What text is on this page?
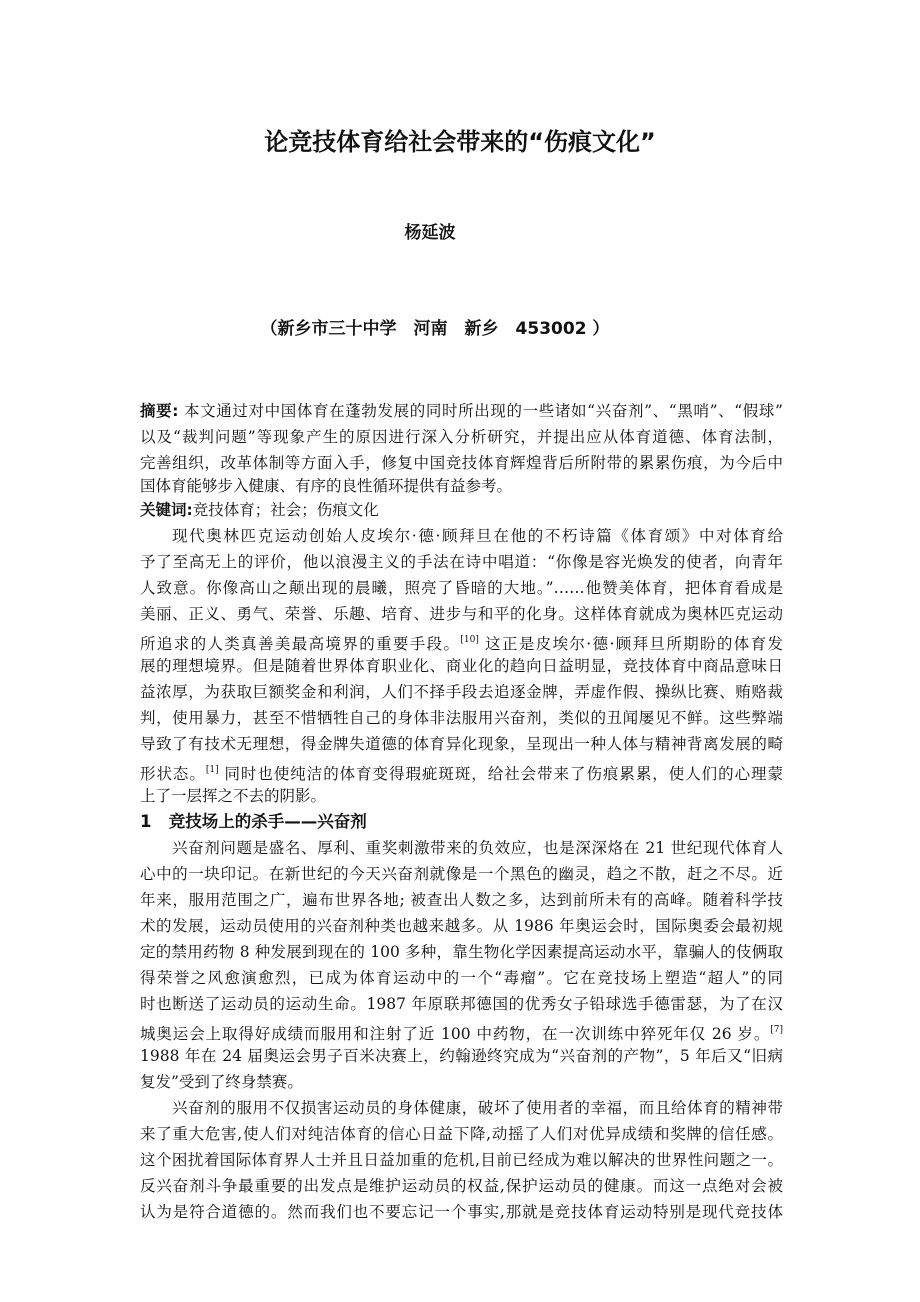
论竞技体育给社会带来的“伤痕文化”
杨延波
（新乡市三十中学　河南　新乡　453002 ）
摘要: 本文通过对中国体育在蓬勃发展的同时所出现的一些诸如“兴奋剂”、“黑哨”、“假球”
以及“裁判问题”等现象产生的原因进行深入分析研究，并提出应从体育道德、体育法制，
完善组织，改革体制等方面入手，修复中国竞技体育辉煌背后所附带的累累伤痕，为今后中
国体育能够步入健康、有序的良性循环提供有益参考。
关键词:竞技体育；社会；伤痕文化
现代奥林匹克运动创始人皮埃尔·德·顾拜旦在他的不朽诗篇《体育颂》中对体育给
予了至高无上的评价，他以浪漫主义的手法在诗中唱道：“你像是容光焕发的使者，向青年
人致意。你像高山之颠出现的晨曦，照亮了昏暗的大地。”……他赞美体育，把体育看成是
美丽、正义、勇气、荣誉、乐趣、培育、进步与和平的化身。这样体育就成为奥林匹克运动
所追求的人类真善美最高境界的重要手段。[10] 这正是皮埃尔·德·顾拜旦所期盼的体育发
展的理想境界。但是随着世界体育职业化、商业化的趋向日益明显，竞技体育中商品意味日
益浓厚，为获取巨额奖金和利润，人们不择手段去追逐金牌，弄虚作假、操纵比赛、贿赂裁
判，使用暴力，甚至不惜牺牲自己的身体非法服用兴奋剂，类似的丑闻屡见不鲜。这些弊端
导致了有技术无理想，得金牌失道德的体育异化现象，呈现出一种人体与精神背离发展的畸
形状态。[1] 同时也使纯洁的体育变得瑕疵斑斑，给社会带来了伤痕累累，使人们的心理蒙
上了一层挥之不去的阴影。
1 竞技场上的杀手——兴奋剂
兴奋剂问题是盛名、厚利、重奖刺激带来的负效应，也是深深烙在 21 世纪现代体育人
心中的一块印记。在新世纪的今天兴奋剂就像是一个黑色的幽灵，趋之不散，赶之不尽。近
年来，服用范围之广，遍布世界各地; 被查出人数之多，达到前所未有的高峰。随着科学技
术的发展，运动员使用的兴奋剂种类也越来越多。从 1986 年奥运会时，国际奥委会最初规
定的禁用药物 8 种发展到现在的 100 多种，靠生物化学因素提高运动水平，靠骗人的伎俩取
得荣誉之风愈演愈烈，已成为体育运动中的一个“毒瘤”。它在竞技场上塑造“超人”的同
时也断送了运动员的运动生命。1987 年原联邦德国的优秀女子铅球选手德雷瑟，为了在汉
城奥运会上取得好成绩而服用和注射了近 100 中药物，在一次训练中猝死年仅 26 岁。[7]
1988 年在 24 届奥运会男子百米决赛上，约翰逊终究成为“兴奋剂的产物”，5 年后又“旧病
复发”受到了终身禁赛。
兴奋剂的服用不仅损害运动员的身体健康，破坏了使用者的幸福，而且给体育的精神带
来了重大危害,使人们对纯洁体育的信心日益下降,动摇了人们对优异成绩和奖牌的信任感。
这个困扰着国际体育界人士并且日益加重的危机,目前已经成为难以解决的世界性问题之一。
反兴奋剂斗争最重要的出发点是维护运动员的权益,保护运动员的健康。而这一点绝对会被
认为是符合道德的。然而我们也不要忘记一个事实,那就是竞技体育运动特别是现代竞技体
